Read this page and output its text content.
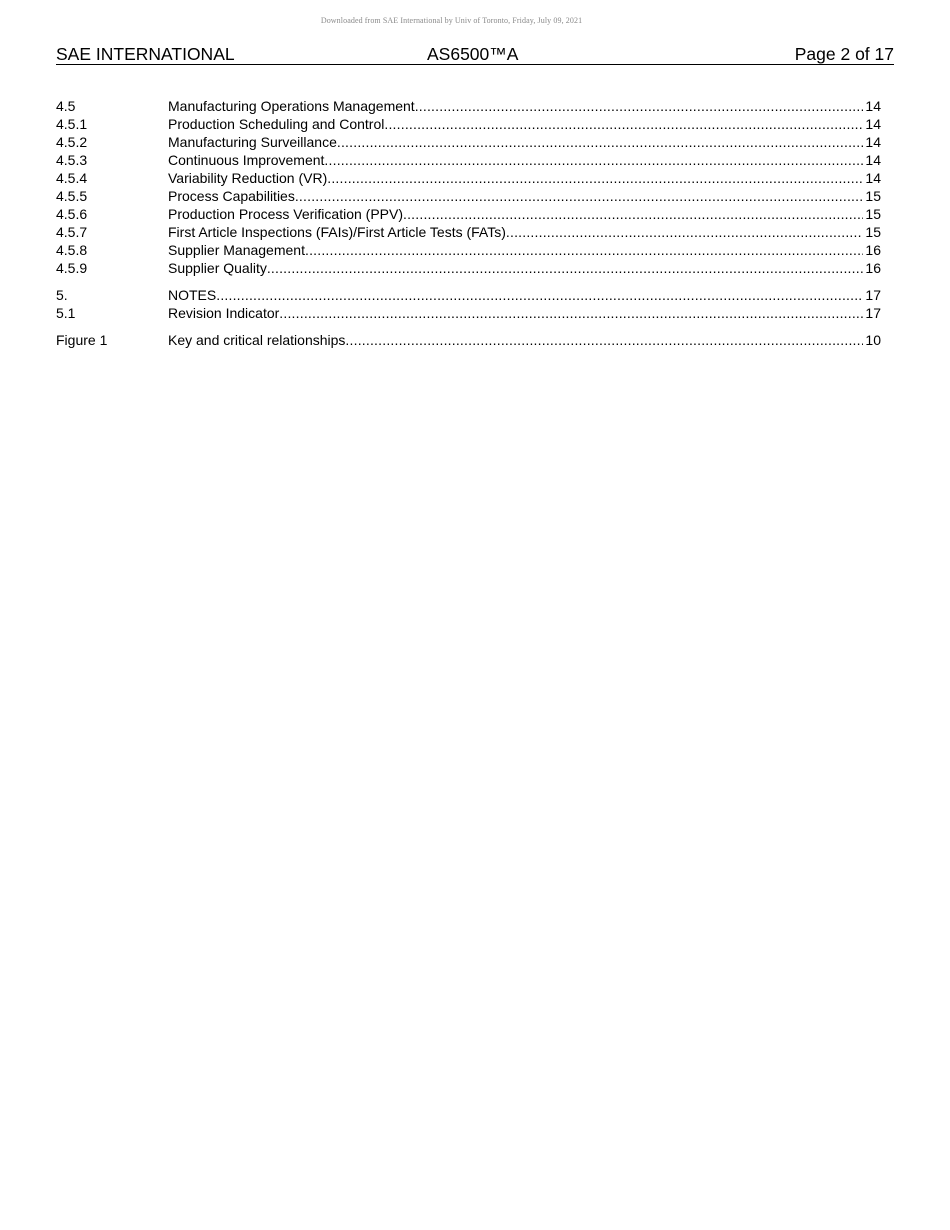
Downloaded from SAE International by Univ of Toronto, Friday, July 09, 2021
SAE INTERNATIONAL	AS6500™A	Page 2 of 17
4.5	Manufacturing Operations Management .....	14
4.5.1	Production Scheduling and Control .....	14
4.5.2	Manufacturing Surveillance .....	14
4.5.3	Continuous Improvement .....	14
4.5.4	Variability Reduction (VR) .....	14
4.5.5	Process Capabilities .....	15
4.5.6	Production Process Verification (PPV) .....	15
4.5.7	First Article Inspections (FAIs)/First Article Tests (FATs) .....	15
4.5.8	Supplier Management .....	16
4.5.9	Supplier Quality .....	16
5.	NOTES .....	17
5.1	Revision Indicator .....	17
Figure 1	Key and critical relationships .....	10
